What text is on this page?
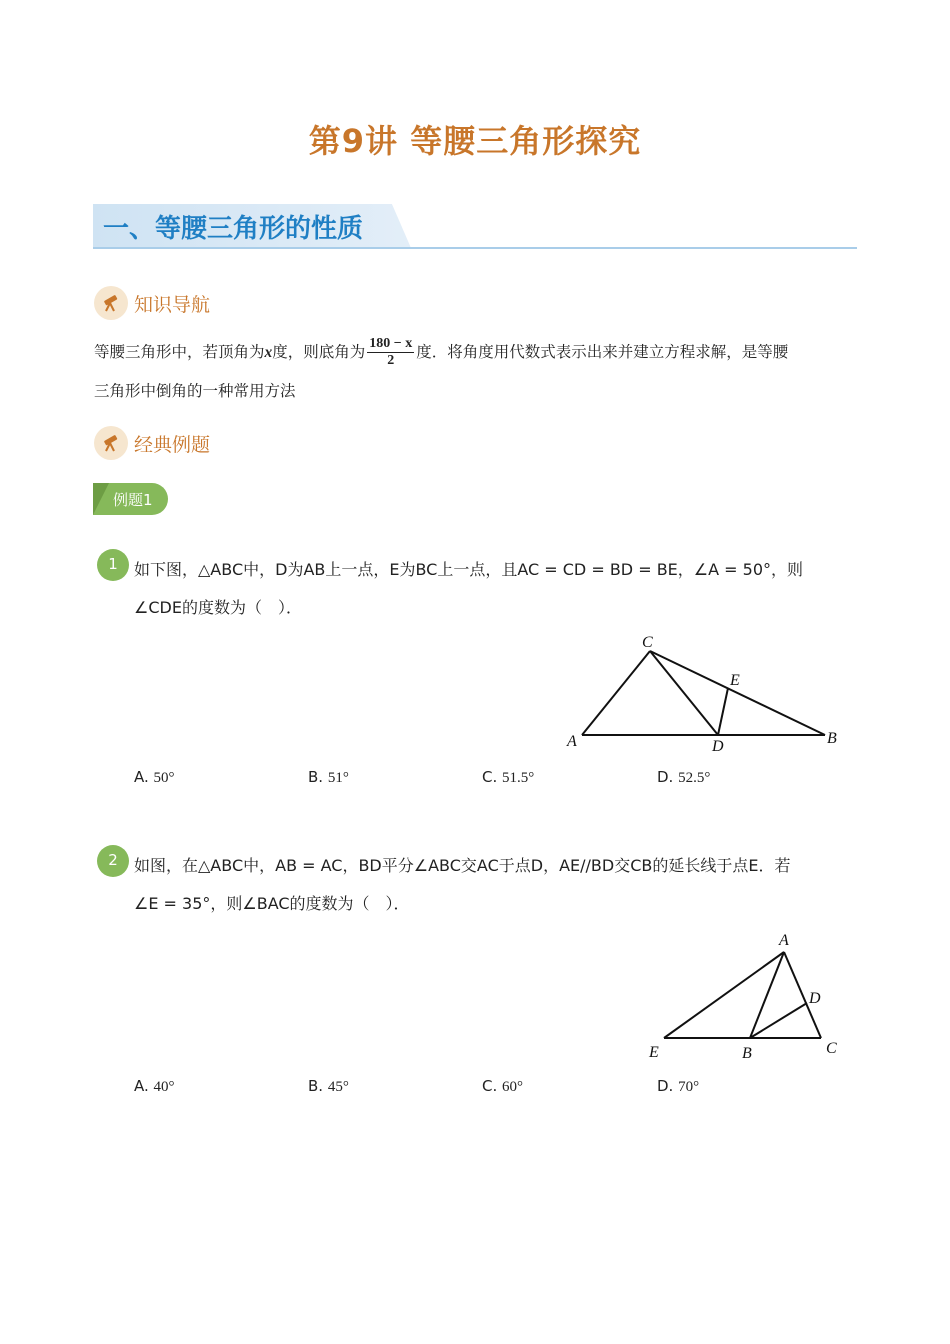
第9讲 等腰三角形探究
一、等腰三角形的性质
知识导航
等腰三角形中，若顶角为x度，则底角为 $\frac{180 - x}{2}$ 度．将角度用代数式表示出来并建立方程求解，是等腰
三角形中倒角的一种常用方法
经典例题
例题1
1	如下图，△ABC中，D为AB上一点，E为BC上一点，且AC = CD = BD = BE，∠A = 50°，则
∠CDE的度数为（　）．
C
E
A	D	B
A. 50°	B. 51°	C. 51.5°	D. 52.5°
2	如图，在△ABC中，AB = AC，BD平分∠ABC交AC于点D，AE//BD交CB的延长线于点E．若
∠E = 35°，则∠BAC的度数为（　）．
A
D
E	B	C
A. 40°	B. 45°	C. 60°	D. 70°
